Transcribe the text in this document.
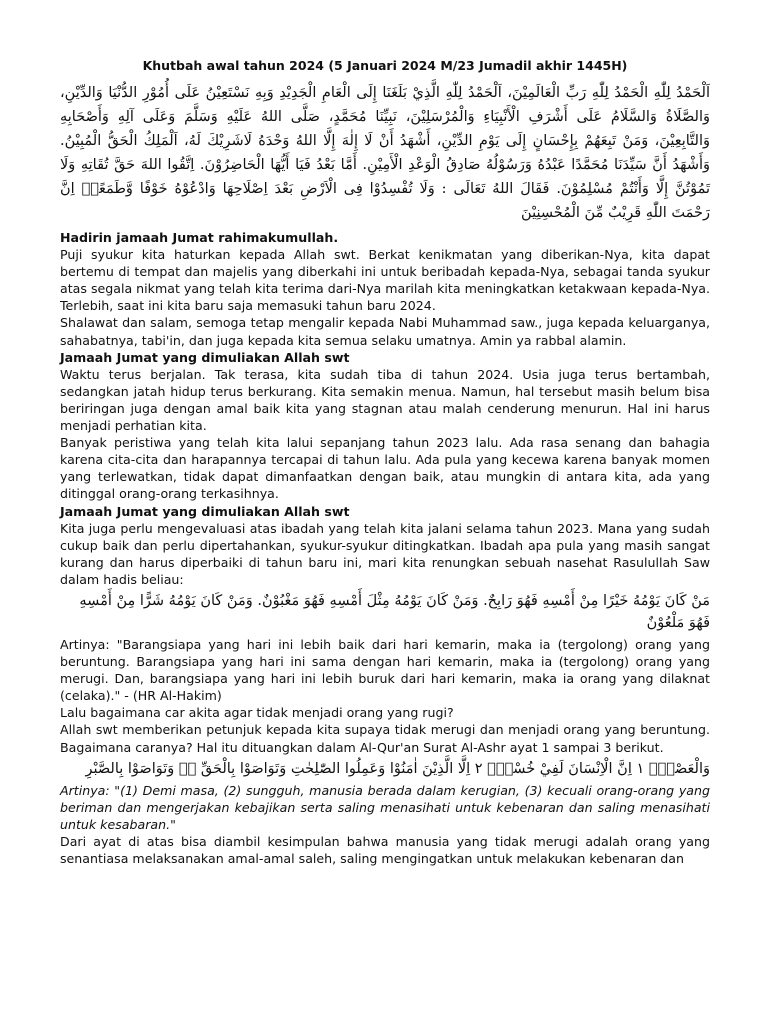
Khutbah awal tahun 2024 (5 Januari 2024 M/23 Jumadil akhir 1445H)
اَلْحَمْدُ لِلّٰهِ الْحَمْدُ لِلّٰهِ رَبِّ الْعَالَمِيْنَ، اَلْحَمْدُ لِلّٰهِ الَّذِيْ بَلَغَنَا إِلَى الْعَامِ الْجَدِيْدِ وَبِهِ نَسْتَعِيْنُ عَلَى أُمُوْرِ الدُّنْيَا وَالدِّيْنِ، وَالصَّلَاةُ وَالسَّلَامُ عَلَى أَشْرَفِ الْأَنْبِيَاءِ وَالْمُرْسَلِيْنَ، نَبِيِّنَا مُحَمَّدٍ، صَلَّى اللهُ عَلَيْهِ وَسَلَّمَ وَعَلَى آلِهِ وَأَصْحَابِهِ وَالتَّابِعِيْنَ، وَمَنْ تَبِعَهُمْ بِإِحْسَانٍ إِلَى يَوْمِ الدِّيْنِ، أَشْهَدُ أَنْ لَا إِلٰهَ إِلَّا اللهُ وَحْدَهُ لَاشَرِيْكَ لَهُ، اَلْمَلِكُ الْحَقُّ الْمُبِيْنُ. وَأَشْهَدُ أَنَّ سَيِّدَنَا مُحَمَّدًا عَبْدُهُ وَرَسُوْلُهُ صَادِقُ الْوَعْدِ الْأَمِيْنِ. أَمَّا بَعْدُ فَيَا أَيُّهَا الْحَاضِرُوْنَ. اِتَّقُوا اللهَ حَقَّ تُقَاتِهِ وَلَا تَمُوْتُنَّ إِلَّا وَأَنْتُمْ مُسْلِمُوْنَ. فَقَالَ اللهُ تَعَالَى : وَلَا تُفْسِدُوْا فِى الْاَرْضِ بَعْدَ اِصْلَاحِهَا وَادْعُوْهُ خَوْفًا وَّطَمَعًاۗ اِنَّ رَحْمَتَ اللّٰهِ قَرِيْبٌ مِّنَ الْمُحْسِنِيْنَ
Hadirin jamaah Jumat rahimakumullah.
Puji syukur kita haturkan kepada Allah swt. Berkat kenikmatan yang diberikan-Nya, kita dapat bertemu di tempat dan majelis yang diberkahi ini untuk beribadah kepada-Nya, sebagai tanda syukur atas segala nikmat yang telah kita terima dari-Nya marilah kita meningkatkan ketakwaan kepada-Nya. Terlebih, saat ini kita baru saja memasuki tahun baru 2024.
Shalawat dan salam, semoga tetap mengalir kepada Nabi Muhammad saw., juga kepada keluarganya, sahabatnya, tabi'in, dan juga kepada kita semua selaku umatnya. Amin ya rabbal alamin.
Jamaah Jumat yang dimuliakan Allah swt
Waktu terus berjalan. Tak terasa, kita sudah tiba di tahun 2024. Usia juga terus bertambah, sedangkan jatah hidup terus berkurang. Kita semakin menua. Namun, hal tersebut masih belum bisa beriringan juga dengan amal baik kita yang stagnan atau malah cenderung menurun. Hal ini harus menjadi perhatian kita.
Banyak peristiwa yang telah kita lalui sepanjang tahun 2023 lalu. Ada rasa senang dan bahagia karena cita-cita dan harapannya tercapai di tahun lalu. Ada pula yang kecewa karena banyak momen yang terlewatkan, tidak dapat dimanfaatkan dengan baik, atau mungkin di antara kita, ada yang ditinggal orang-orang terkasihnya.
Jamaah Jumat yang dimuliakan Allah swt
Kita juga perlu mengevaluasi atas ibadah yang telah kita jalani selama tahun 2023. Mana yang sudah cukup baik dan perlu dipertahankan, syukur-syukur ditingkatkan. Ibadah apa pula yang masih sangat kurang dan harus diperbaiki di tahun baru ini, mari kita renungkan sebuah nasehat Rasulullah Saw dalam hadis beliau:
مَنْ كَانَ يَوْمُهُ خَيْرًا مِنْ أَمْسِهِ فَهُوَ رَابِحٌ. وَمَنْ كَانَ يَوْمُهُ مِثْلَ أَمْسِهِ فَهُوَ مَغْبُوْنٌ. وَمَنْ كَانَ يَوْمُهُ شَرًّا مِنْ أَمْسِهِ فَهُوَ مَلْعُوْنٌ
Artinya: "Barangsiapa yang hari ini lebih baik dari hari kemarin, maka ia (tergolong) orang yang beruntung. Barangsiapa yang hari ini sama dengan hari kemarin, maka ia (tergolong) orang yang merugi. Dan, barangsiapa yang hari ini lebih buruk dari hari kemarin, maka ia orang yang dilaknat (celaka)." - (HR Al-Hakim)
Lalu bagaimana car akita agar tidak menjadi orang yang rugi?
Allah swt memberikan petunjuk kepada kita supaya tidak merugi dan menjadi orang yang beruntung. Bagaimana caranya? Hal itu dituangkan dalam Al-Qur'an Surat Al-Ashr ayat 1 sampai 3 berikut.
وَالْعَصْرِۙ ١ اِنَّ الْاِنْسَانَ لَفِيْ خُسْرٍۙ ٢ اِلَّا الَّذِيْنَ اٰمَنُوْا وَعَمِلُوا الصّٰلِحٰتِ وَتَوَاصَوْا بِالْحَقِّ ەۙ وَتَوَاصَوْا بِالصَّبْرِ
Artinya: "(1) Demi masa, (2) sungguh, manusia berada dalam kerugian, (3) kecuali orang-orang yang beriman dan mengerjakan kebajikan serta saling menasihati untuk kebenaran dan saling menasihati untuk kesabaran."
Dari ayat di atas bisa diambil kesimpulan bahwa manusia yang tidak merugi adalah orang yang senantiasa melaksanakan amal-amal saleh, saling mengingatkan untuk melakukan kebenaran dan
